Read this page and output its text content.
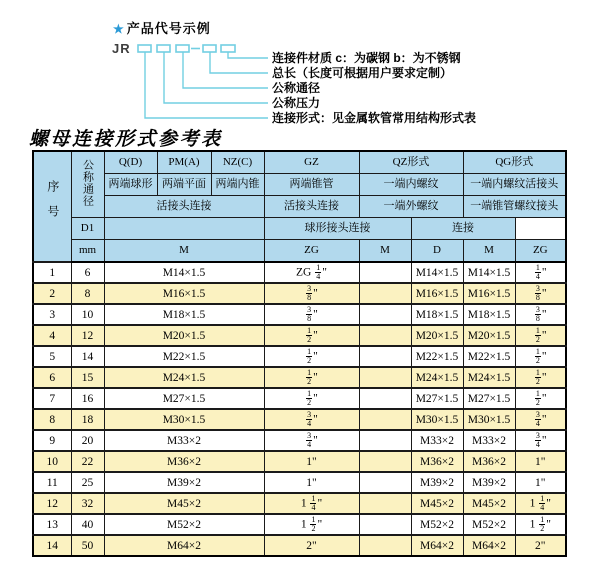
★ 产品代号示例
JR
连接件材质 c：为碳钢 b：为不锈钢
总长（长度可根据用户要求定制）
公称通径
公称压力
连接形式：见金属软管常用结构形式表
螺母连接形式参考表
序号	公称通径	Q(D)	PM(A)	NZ(C)	GZ	QZ形式		QG形式	
		两端球形	两端平面	两端内锥	两端锥管	一端内螺纹		一端内螺纹活接头	
		活接头连接			活接头连接	一端外螺纹		一端锥管螺纹接头	
	D1				球形接头连接		连接		
	mm	M			ZG	M	D	M	ZG
1	6	M14×1.5			ZG $\frac{1}{4}$ "		M14×1.5	M14×1.5	$\frac{1}{4}$ "
2	8	M16×1.5			$\frac{3}{8}$ "		M16×1.5	M16×1.5	$\frac{3}{8}$ "
3	10	M18×1.5			$\frac{3}{8}$ "		M18×1.5	M18×1.5	$\frac{3}{8}$ "
4	12	M20×1.5			$\frac{1}{2}$ "		M20×1.5	M20×1.5	$\frac{1}{2}$ "
5	14	M22×1.5			$\frac{1}{2}$ "		M22×1.5	M22×1.5	$\frac{1}{2}$ "
6	15	M24×1.5			$\frac{1}{2}$ "		M24×1.5	M24×1.5	$\frac{1}{2}$ "
7	16	M27×1.5			$\frac{1}{2}$ "		M27×1.5	M27×1.5	$\frac{1}{2}$ "
8	18	M30×1.5			$\frac{3}{4}$ "		M30×1.5	M30×1.5	$\frac{3}{4}$ "
9	20	M33×2			$\frac{3}{4}$ "		M33×2	M33×2	$\frac{3}{4}$ "
10	22	M36×2			1"		M36×2	M36×2	1"
11	25	M39×2			1"		M39×2	M39×2	1"
12	32	M45×2			$1 \frac{1}{4}$ "		M45×2	M45×2	$1 \frac{1}{4}$ "
13	40	M52×2			$1 \frac{1}{2}$ "		M52×2	M52×2	$1 \frac{1}{2}$ "
14	50	M64×2			2"		M64×2	M64×2	2"
